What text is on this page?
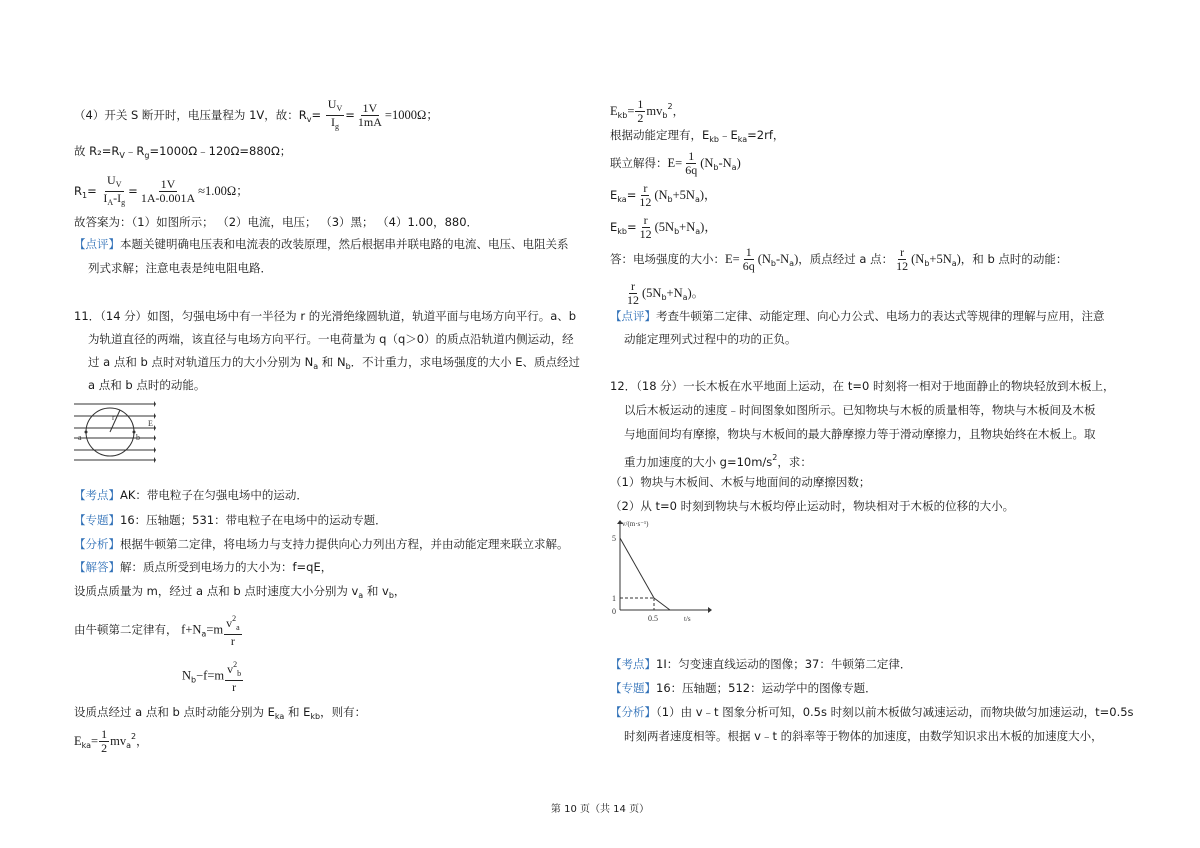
（4）开关 S 断开时，电压量程为 1V，故：$R_v= \frac{U_V}{I_g} = \frac{1V}{1mA} =1000\Omega$；
故 $R_2=R_V﹣R_g=1000\Omega﹣120\Omega=880\Omega$；
$R_1= \frac{U_V}{I_A-I_g} = \frac{1V}{1A-0.001A} \approx 1.00\Omega$；
故答案为：（1）如图所示； （2）电流，电压； （3）黑； （4）1.00，880．
【点评】本题关键明确电压表和电流表的改装原理，然后根据串并联电路的电流、电压、电阻关系
列式求解；注意电表是纯电阻电路．
11．（14 分）如图，匀强电场中有一半径为 r 的光滑绝缘圆轨道，轨道平面与电场方向平行。a、b
为轨道直径的两端，该直径与电场方向平行。一电荷量为 q（q＞0）的质点沿轨道内侧运动，经
过 a 点和 b 点时对轨道压力的大小分别为 $N_a$ 和 $N_b$．不计重力，求电场强度的大小 E、质点经过
a 点和 b 点时的动能。
a	b
r
E
【考点】AK：带电粒子在匀强电场中的运动．
【专题】16：压轴题；531：带电粒子在电场中的运动专题．
【分析】根据牛顿第二定律，将电场力与支持力提供向心力列出方程，并由动能定理来联立求解。
【解答】解：质点所受到电场力的大小为：f=qE，
设质点质量为 m，经过 a 点和 b 点时速度大小分别为 $v_a$ 和 $v_b$，
由牛顿第二定律有， $f+N_a=m \frac{v^2_a}{r}$
$N_b-f=m \frac{v^2_b}{r}$
设质点经过 a 点和 b 点时动能分别为 $E_{ka}$ 和 $E_{kb}$，则有：
$E_{ka}= \frac{1}{2} mv_a^2$，
$E_{kb}= \frac{1}{2} mv_b^2$，
根据动能定理有，$E_{kb}﹣E_{ka}=2rf$，
联立解得：$E= \frac{1}{6q} (N_b-N_a)$
$E_{ka}= \frac{r}{12} (N_b+5N_a)$，
$E_{kb}= \frac{r}{12} (5N_b+N_a)$，
答：电场强度的大小：$E= \frac{1}{6q} (N_b-N_a)$，质点经过 a 点： $\frac{r}{12} (N_b+5N_a)$，和 b 点时的动能：
$\frac{r}{12} (5N_b+N_a)$。
【点评】考查牛顿第二定律、动能定理、向心力公式、电场力的表达式等规律的理解与应用，注意
动能定理列式过程中的功的正负。
12．（18 分）一长木板在水平地面上运动，在 t=0 时刻将一相对于地面静止的物块轻放到木板上，
以后木板运动的速度﹣时间图象如图所示。已知物块与木板的质量相等，物块与木板间及木板
与地面间均有摩擦，物块与木板间的最大静摩擦力等于滑动摩擦力，且物块始终在木板上。取
重力加速度的大小 $g=10m/s^2$，求：
（1）物块与木板间、木板与地面间的动摩擦因数；
（2）从 t=0 时刻到物块与木板均停止运动时，物块相对于木板的位移的大小。
v/(m·s⁻¹)
5
1
0
0.5	t/s
【考点】1I：匀变速直线运动的图像；37：牛顿第二定律．
【专题】16：压轴题；512：运动学中的图像专题．
【分析】（1）由 v﹣t 图象分析可知，0.5s 时刻以前木板做匀减速运动，而物块做匀加速运动，t=0.5s
时刻两者速度相等。根据 v﹣t 的斜率等于物体的加速度，由数学知识求出木板的加速度大小，
第 10 页（共 14 页）
